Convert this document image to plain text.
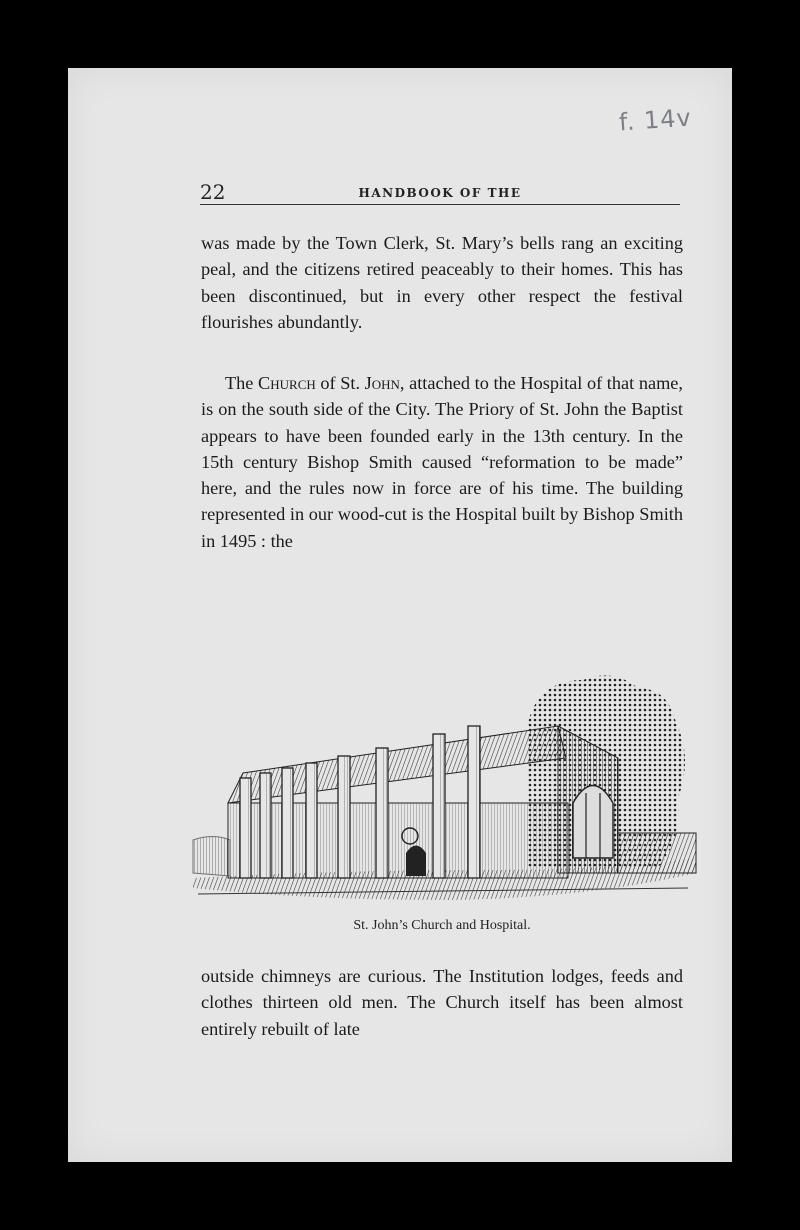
f. 14v
22	HANDBOOK OF THE

was made by the Town Clerk, St. Mary’s bells rang an exciting peal, and the citizens retired peaceably to their homes. This has been discontinued, but in every other respect the festival flourishes abundantly.

The Church of St. John, attached to the Hospital of that name, is on the south side of the City. The Priory of St. John the Baptist appears to have been founded early in the 13th century. In the 15th century Bishop Smith caused “reformation to be made” here, and the rules now in force are of his time. The building represented in our wood-cut is the Hospital built by Bishop Smith in 1495 : the

St. John’s Church and Hospital.

outside chimneys are curious. The Institution lodges, feeds and clothes thirteen old men. The Church itself has been almost entirely rebuilt of late
